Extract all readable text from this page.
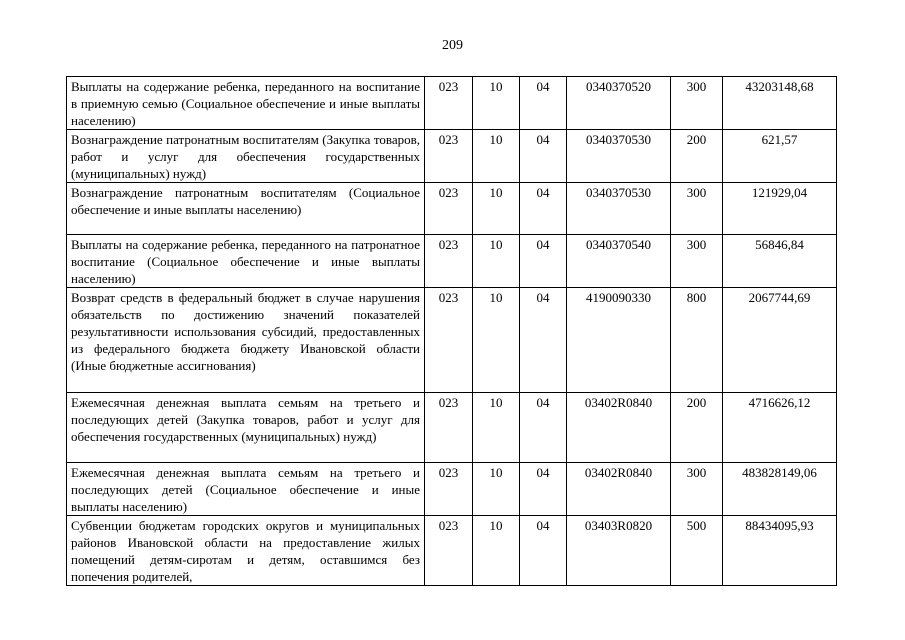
209
Выплаты на содержание ребенка, переданного на воспитание в приемную семью (Социальное обеспечение и иные выплаты населению)	023	10	04	0340370520	300	43203148,68
Вознаграждение патронатным воспитателям (Закупка товаров, работ и услуг для обеспечения государственных (муниципальных) нужд)	023	10	04	0340370530	200	621,57
Вознаграждение патронатным воспитателям (Социальное обеспечение и иные выплаты населению)	023	10	04	0340370530	300	121929,04
Выплаты на содержание ребенка, переданного на патронатное воспитание (Социальное обеспечение и иные выплаты населению)	023	10	04	0340370540	300	56846,84
Возврат средств в федеральный бюджет в случае нарушения обязательств по достижению значений показателей результативности использования субсидий, предоставленных из федерального бюджета бюджету Ивановской области (Иные бюджетные ассигнования)	023	10	04	4190090330	800	2067744,69
Ежемесячная денежная выплата семьям на третьего и последующих детей (Закупка товаров, работ и услуг для обеспечения государственных (муниципальных) нужд)	023	10	04	03402R0840	200	4716626,12
Ежемесячная денежная выплата семьям на третьего и последующих детей (Социальное обеспечение и иные выплаты населению)	023	10	04	03402R0840	300	483828149,06
Субвенции бюджетам городских округов и муниципальных районов Ивановской области на предоставление жилых помещений детям-сиротам и детям, оставшимся без попечения родителей,	023	10	04	03403R0820	500	88434095,93
